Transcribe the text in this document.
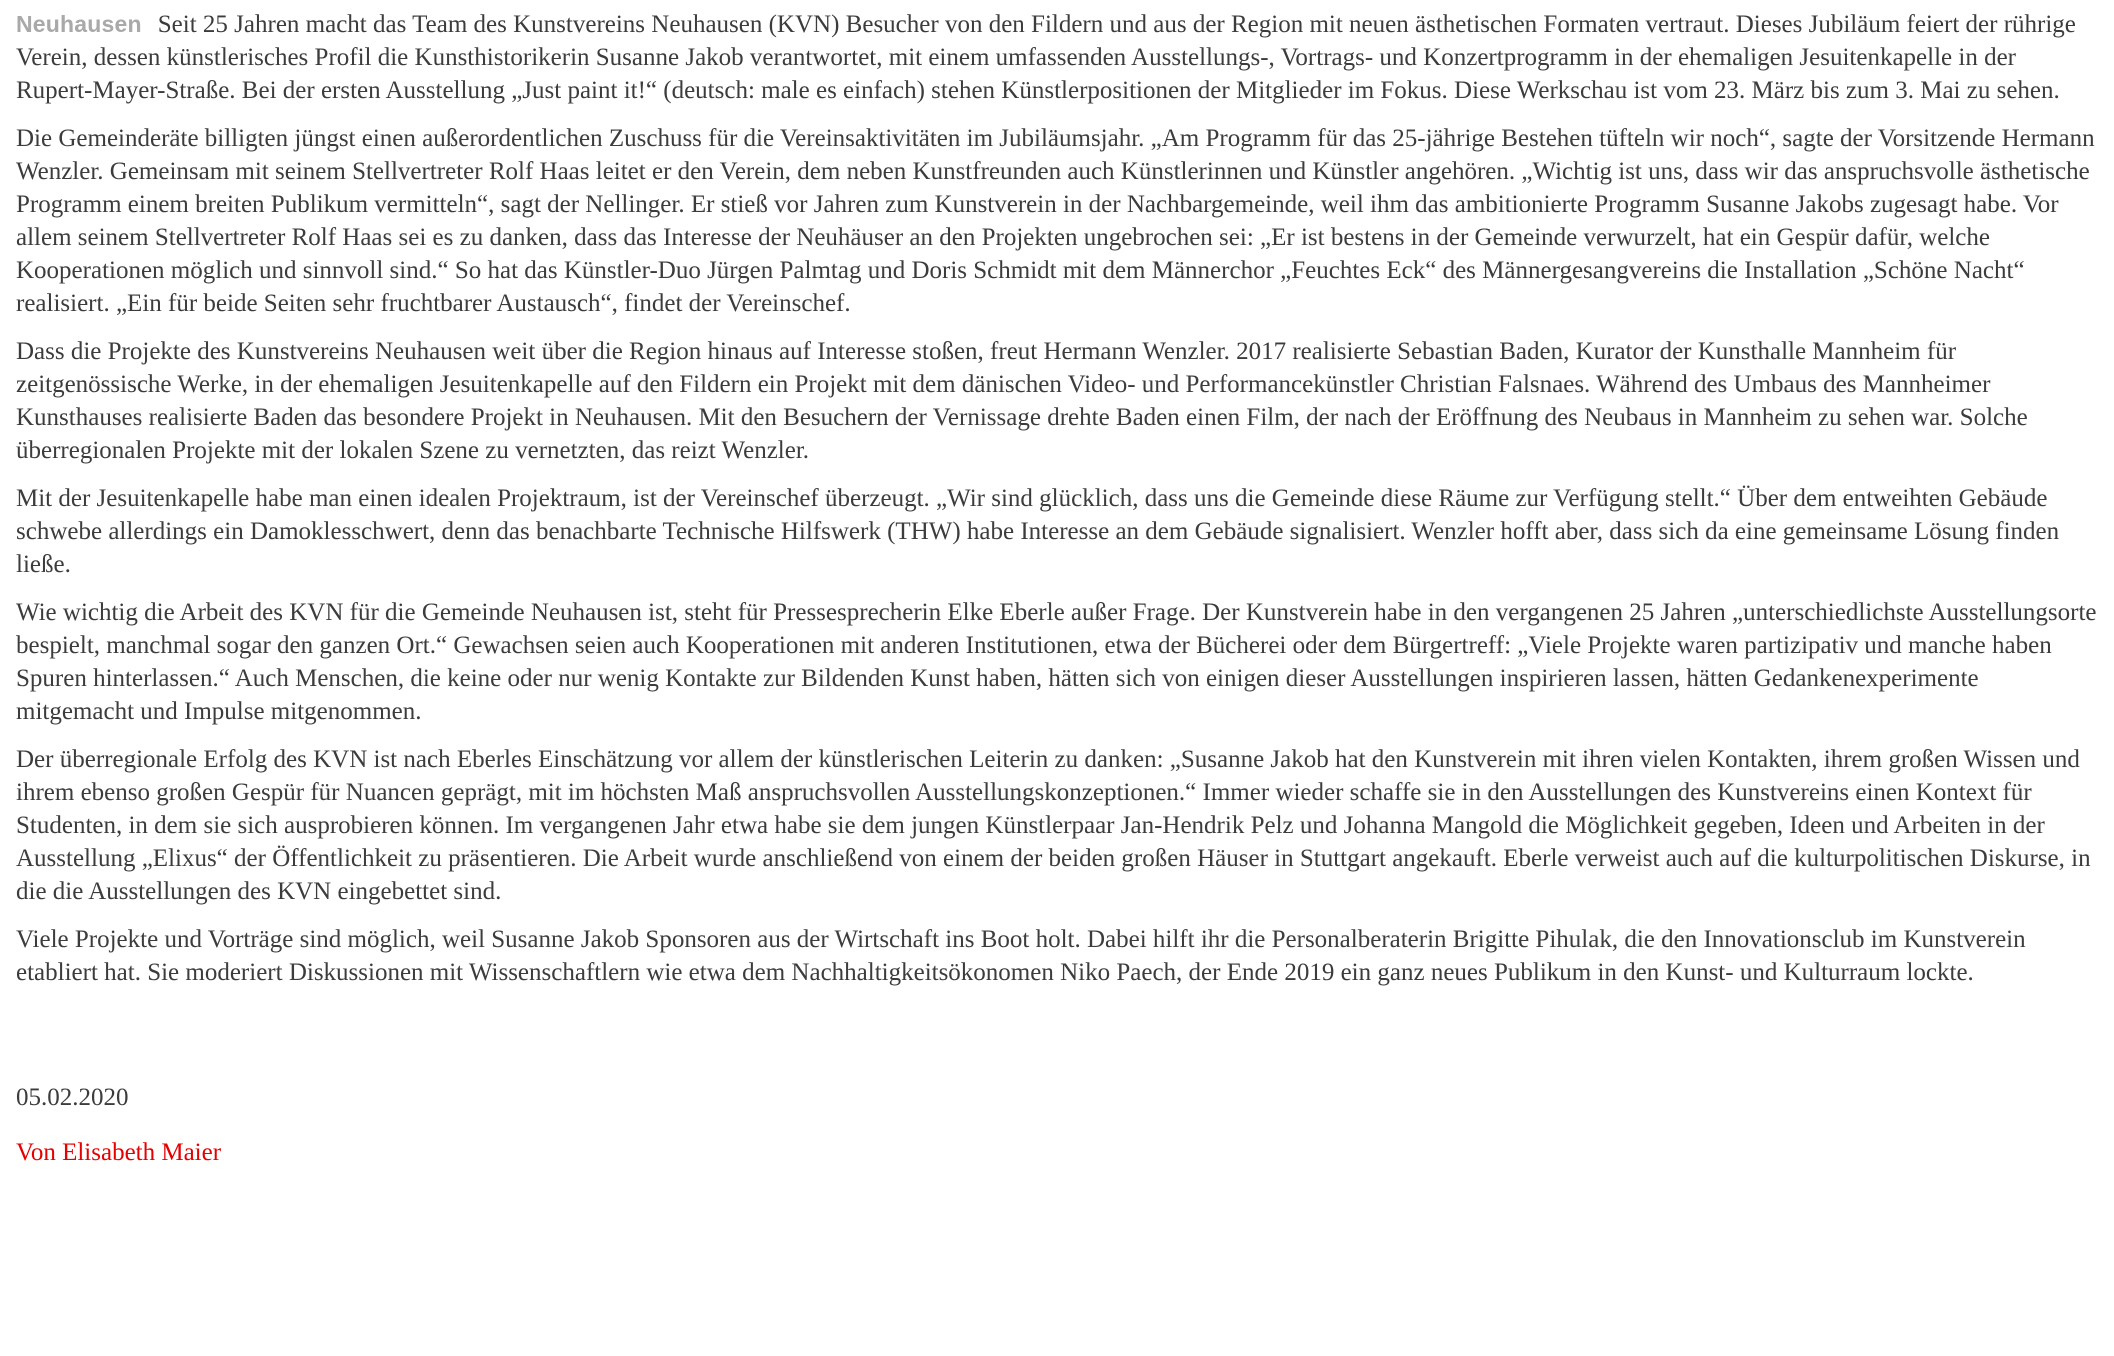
Neuhausen Seit 25 Jahren macht das Team des Kunstvereins Neuhausen (KVN) Besucher von den Fildern und aus der Region mit neuen ästhetischen Formaten vertraut. Dieses Jubiläum feiert der rührige Verein, dessen künstlerisches Profil die Kunsthistorikerin Susanne Jakob verantwortet, mit einem umfassenden Ausstellungs-, Vortrags- und Konzertprogramm in der ehemaligen Jesuitenkapelle in der Rupert-Mayer-Straße. Bei der ersten Ausstellung „Just paint it!“ (deutsch: male es einfach) stehen Künstlerpositionen der Mitglieder im Fokus. Diese Werkschau ist vom 23. März bis zum 3. Mai zu sehen.

Die Gemeinderäte billigten jüngst einen außerordentlichen Zuschuss für die Vereinsaktivitäten im Jubiläumsjahr. „Am Programm für das 25-jährige Bestehen tüfteln wir noch“, sagte der Vorsitzende Hermann Wenzler. Gemeinsam mit seinem Stellvertreter Rolf Haas leitet er den Verein, dem neben Kunstfreunden auch Künstlerinnen und Künstler angehören. „Wichtig ist uns, dass wir das anspruchsvolle ästhetische Programm einem breiten Publikum vermitteln“, sagt der Nellinger. Er stieß vor Jahren zum Kunstverein in der Nachbargemeinde, weil ihm das ambitionierte Programm Susanne Jakobs zugesagt habe. Vor allem seinem Stellvertreter Rolf Haas sei es zu danken, dass das Interesse der Neuhäuser an den Projekten ungebrochen sei: „Er ist bestens in der Gemeinde verwurzelt, hat ein Gespür dafür, welche Kooperationen möglich und sinnvoll sind.“ So hat das Künstler-Duo Jürgen Palmtag und Doris Schmidt mit dem Männerchor „Feuchtes Eck“ des Männergesangvereins die Installation „Schöne Nacht“ realisiert. „Ein für beide Seiten sehr fruchtbarer Austausch“, findet der Vereinschef.

Dass die Projekte des Kunstvereins Neuhausen weit über die Region hinaus auf Interesse stoßen, freut Hermann Wenzler. 2017 realisierte Sebastian Baden, Kurator der Kunsthalle Mannheim für zeitgenössische Werke, in der ehemaligen Jesuitenkapelle auf den Fildern ein Projekt mit dem dänischen Video- und Performancekünstler Christian Falsnaes. Während des Umbaus des Mannheimer Kunsthauses realisierte Baden das besondere Projekt in Neuhausen. Mit den Besuchern der Vernissage drehte Baden einen Film, der nach der Eröffnung des Neubaus in Mannheim zu sehen war. Solche überregionalen Projekte mit der lokalen Szene zu vernetzten, das reizt Wenzler.

Mit der Jesuitenkapelle habe man einen idealen Projektraum, ist der Vereinschef überzeugt. „Wir sind glücklich, dass uns die Gemeinde diese Räume zur Verfügung stellt.“ Über dem entweihten Gebäude schwebe allerdings ein Damoklesschwert, denn das benachbarte Technische Hilfswerk (THW) habe Interesse an dem Gebäude signalisiert. Wenzler hofft aber, dass sich da eine gemeinsame Lösung finden ließe.

Wie wichtig die Arbeit des KVN für die Gemeinde Neuhausen ist, steht für Pressesprecherin Elke Eberle außer Frage. Der Kunstverein habe in den vergangenen 25 Jahren „unterschiedlichste Ausstellungsorte bespielt, manchmal sogar den ganzen Ort.“ Gewachsen seien auch Kooperationen mit anderen Institutionen, etwa der Bücherei oder dem Bürgertreff: „Viele Projekte waren partizipativ und manche haben Spuren hinterlassen.“ Auch Menschen, die keine oder nur wenig Kontakte zur Bildenden Kunst haben, hätten sich von einigen dieser Ausstellungen inspirieren lassen, hätten Gedankenexperimente mitgemacht und Impulse mitgenommen.

Der überregionale Erfolg des KVN ist nach Eberles Einschätzung vor allem der künstlerischen Leiterin zu danken: „Susanne Jakob hat den Kunstverein mit ihren vielen Kontakten, ihrem großen Wissen und ihrem ebenso großen Gespür für Nuancen geprägt, mit im höchsten Maß anspruchsvollen Ausstellungskonzeptionen.“ Immer wieder schaffe sie in den Ausstellungen des Kunstvereins einen Kontext für Studenten, in dem sie sich ausprobieren können. Im vergangenen Jahr etwa habe sie dem jungen Künstlerpaar Jan-Hendrik Pelz und Johanna Mangold die Möglichkeit gegeben, Ideen und Arbeiten in der Ausstellung „Elixus“ der Öffentlichkeit zu präsentieren. Die Arbeit wurde anschließend von einem der beiden großen Häuser in Stuttgart angekauft. Eberle verweist auch auf die kulturpolitischen Diskurse, in die die Ausstellungen des KVN eingebettet sind.

Viele Projekte und Vorträge sind möglich, weil Susanne Jakob Sponsoren aus der Wirtschaft ins Boot holt. Dabei hilft ihr die Personalberaterin Brigitte Pihulak, die den Innovationsclub im Kunstverein etabliert hat. Sie moderiert Diskussionen mit Wissenschaftlern wie etwa dem Nachhaltigkeitsökonomen Niko Paech, der Ende 2019 ein ganz neues Publikum in den Kunst- und Kulturraum lockte.

05.02.2020

Von Elisabeth Maier
